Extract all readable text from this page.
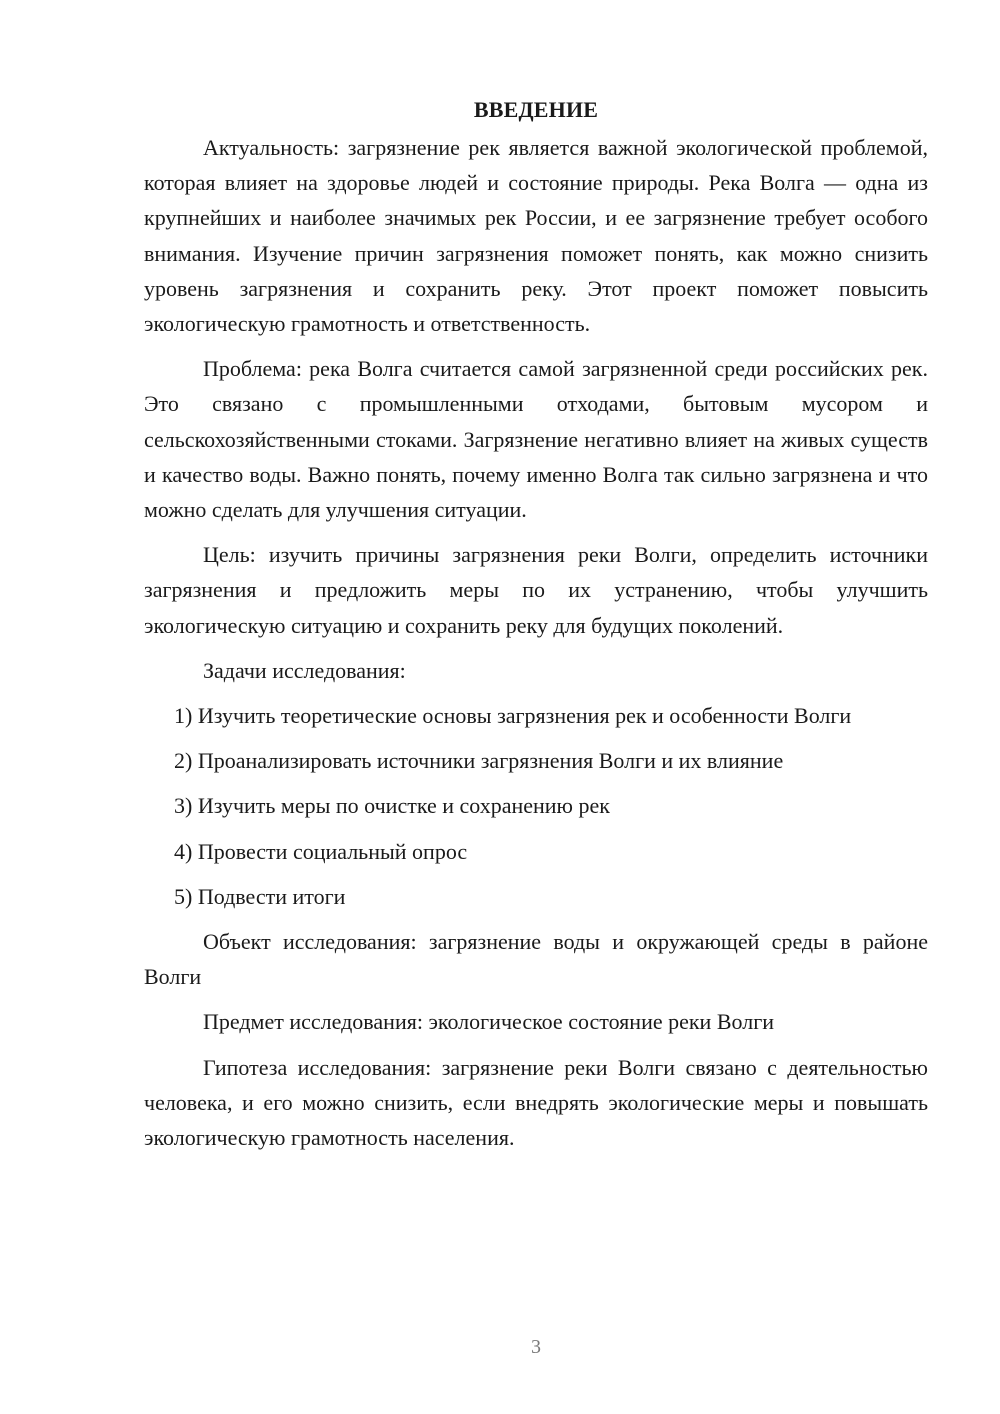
ВВЕДЕНИЕ

Актуальность: загрязнение рек является важной экологической проблемой, которая влияет на здоровье людей и состояние природы. Река Волга — одна из крупнейших и наиболее значимых рек России, и ее загрязнение требует особого внимания. Изучение причин загрязнения поможет понять, как можно снизить уровень загрязнения и сохранить реку. Этот проект поможет повысить экологическую грамотность и ответственность.

Проблема: река Волга считается самой загрязненной среди российских рек. Это связано с промышленными отходами, бытовым мусором и сельскохозяйственными стоками. Загрязнение негативно влияет на живых существ и качество воды. Важно понять, почему именно Волга так сильно загрязнена и что можно сделать для улучшения ситуации.

Цель: изучить причины загрязнения реки Волги, определить источники загрязнения и предложить меры по их устранению, чтобы улучшить экологическую ситуацию и сохранить реку для будущих поколений.

Задачи исследования:

1) Изучить теоретические основы загрязнения рек и особенности Волги

2) Проанализировать источники загрязнения Волги и их влияние

3) Изучить меры по очистке и сохранению рек

4) Провести социальный опрос

5) Подвести итоги

Объект исследования: загрязнение воды и окружающей среды в районе Волги

Предмет исследования: экологическое состояние реки Волги

Гипотеза исследования: загрязнение реки Волги связано с деятельностью человека, и его можно снизить, если внедрять экологические меры и повышать экологическую грамотность населения.

3
